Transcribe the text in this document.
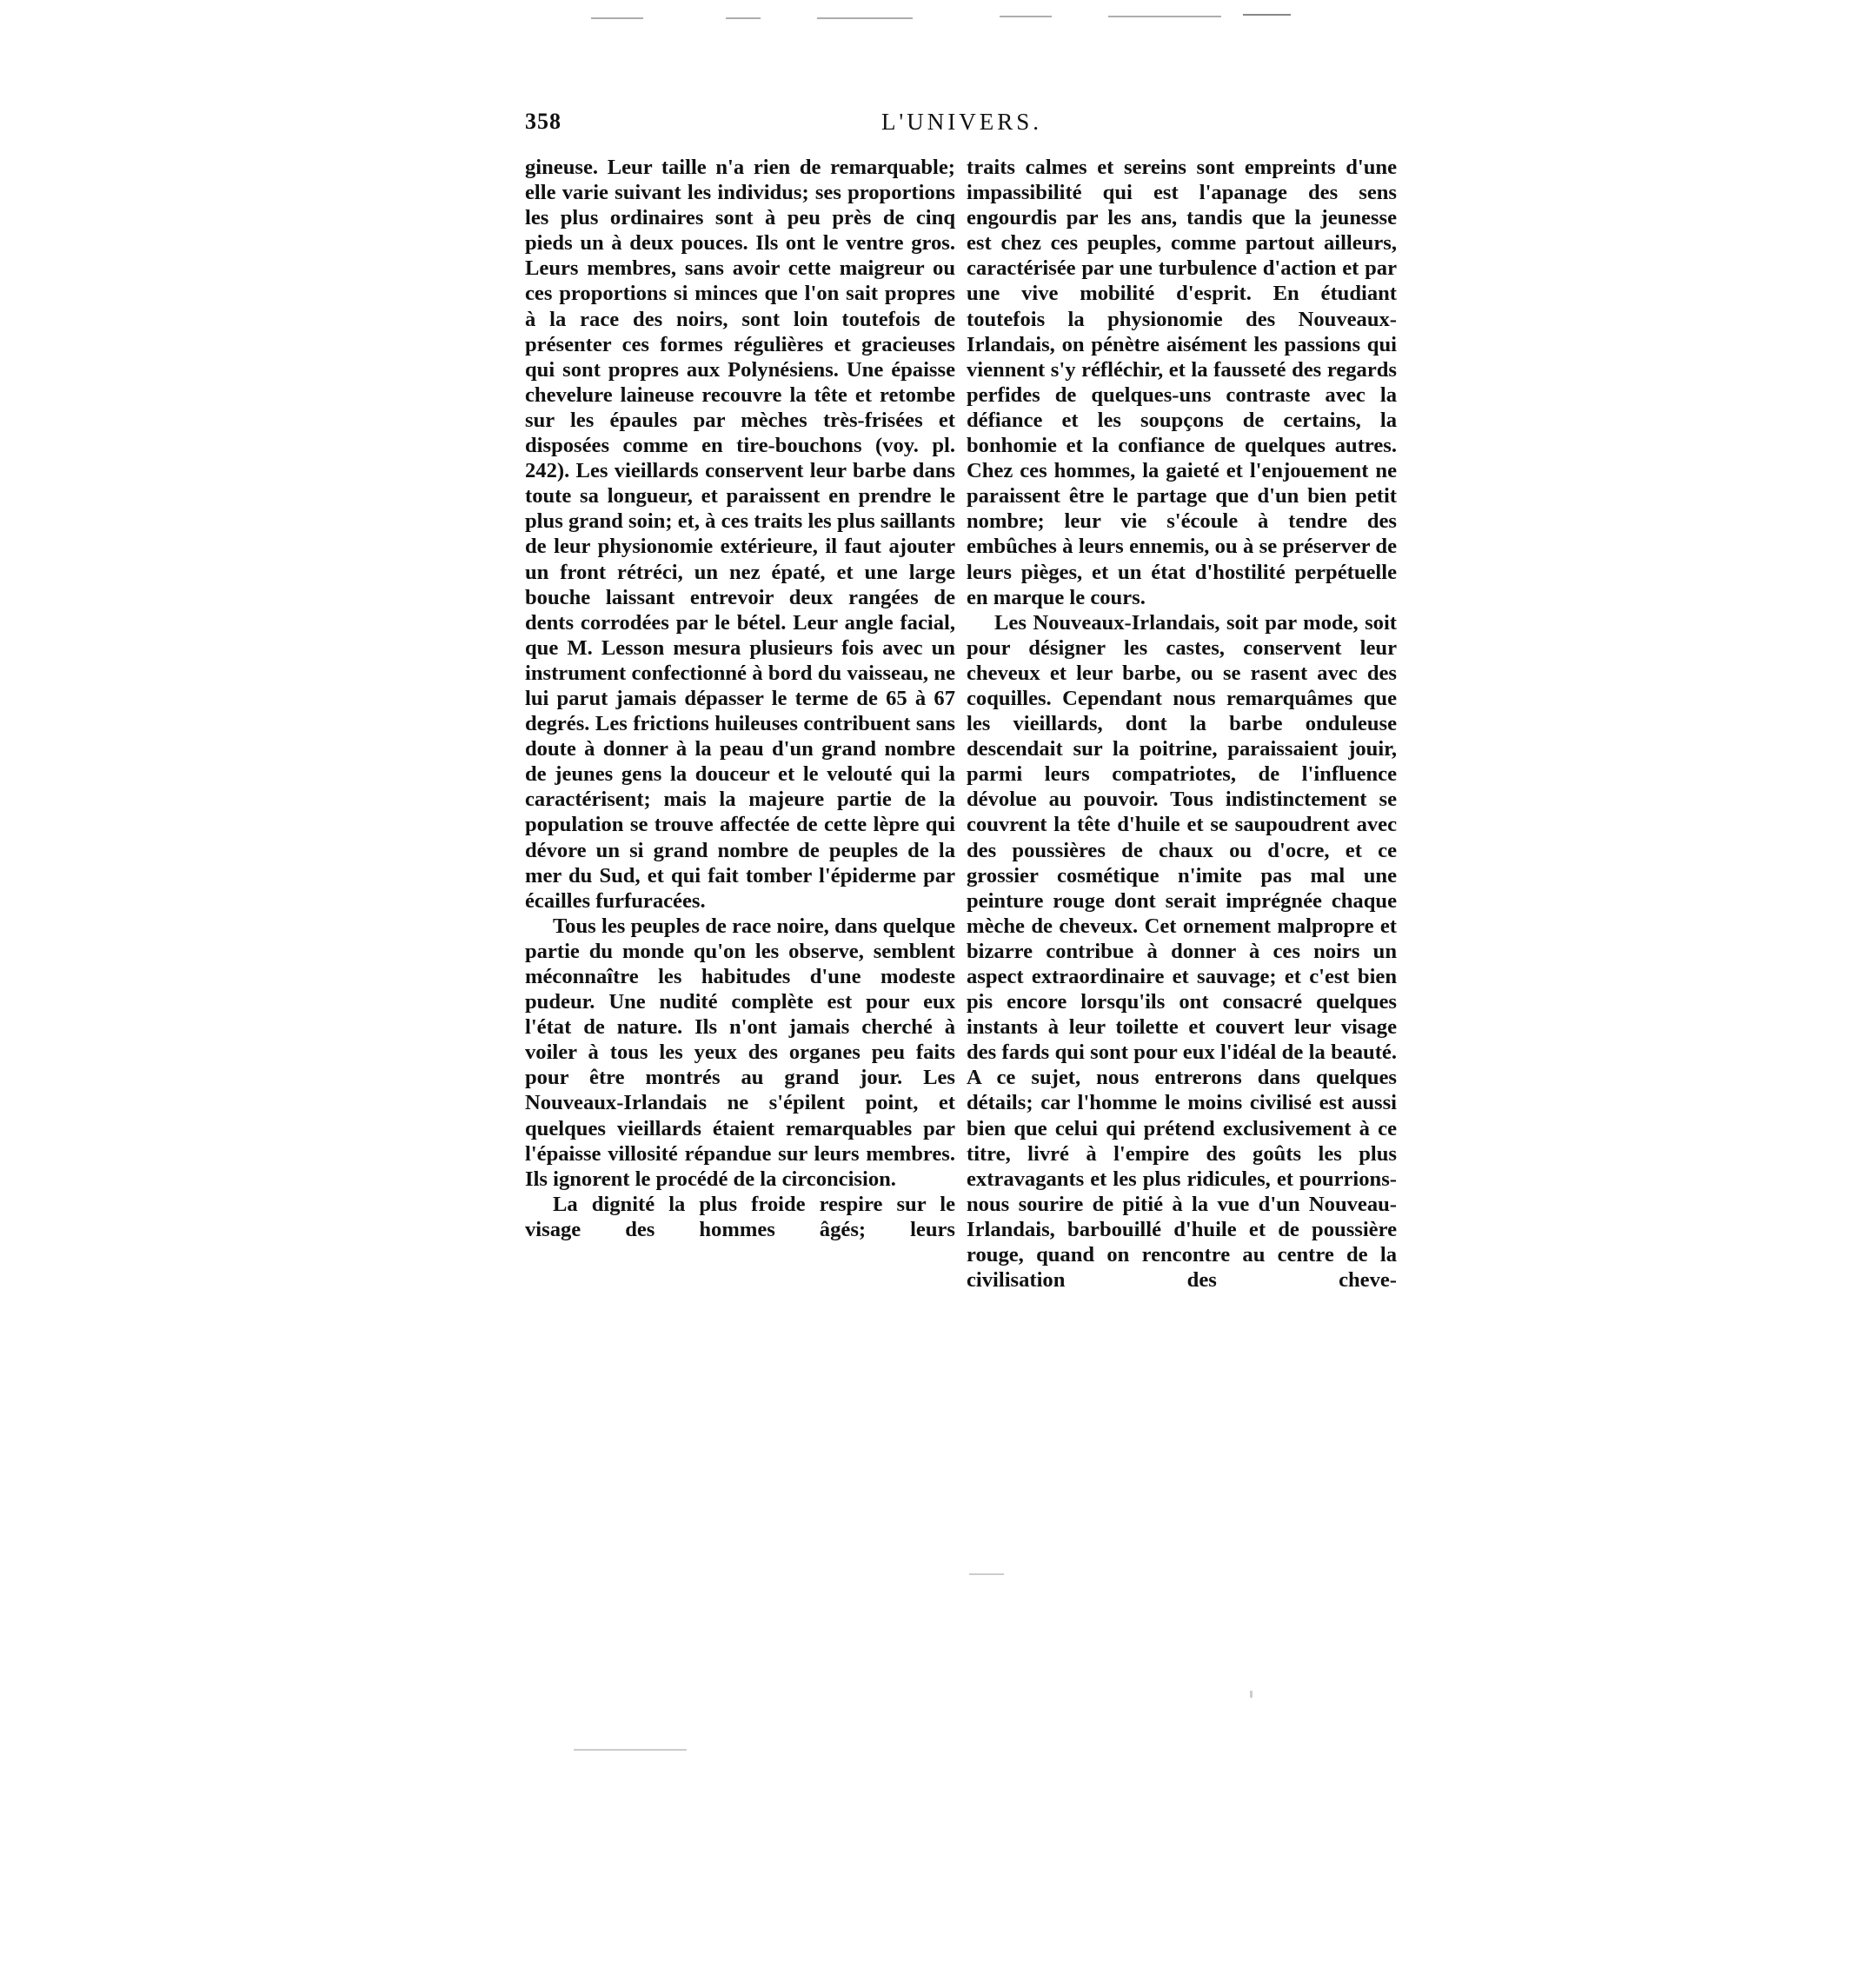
358	L'UNIVERS.

gineuse. Leur taille n'a rien de remarquable; elle varie suivant les individus; ses proportions les plus ordinaires sont à peu près de cinq pieds un à deux pouces. Ils ont le ventre gros. Leurs membres, sans avoir cette maigreur ou ces proportions si minces que l'on sait propres à la race des noirs, sont loin toutefois de présenter ces formes régulières et gracieuses qui sont propres aux Polynésiens. Une épaisse chevelure laineuse recouvre la tête et retombe sur les épaules par mèches très-frisées et disposées comme en tire-bouchons (voy. pl. 242). Les vieillards conservent leur barbe dans toute sa longueur, et paraissent en prendre le plus grand soin; et, à ces traits les plus saillants de leur physionomie extérieure, il faut ajouter un front rétréci, un nez épaté, et une large bouche laissant entrevoir deux rangées de dents corrodées par le bétel. Leur angle facial, que M. Lesson mesura plusieurs fois avec un instrument confectionné à bord du vaisseau, ne lui parut jamais dépasser le terme de 65 à 67 degrés. Les frictions huileuses contribuent sans doute à donner à la peau d'un grand nombre de jeunes gens la douceur et le velouté qui la caractérisent; mais la majeure partie de la population se trouve affectée de cette lèpre qui dévore un si grand nombre de peuples de la mer du Sud, et qui fait tomber l'épiderme par écailles furfuracées.

Tous les peuples de race noire, dans quelque partie du monde qu'on les observe, semblent méconnaître les habitudes d'une modeste pudeur. Une nudité complète est pour eux l'état de nature. Ils n'ont jamais cherché à voiler à tous les yeux des organes peu faits pour être montrés au grand jour. Les Nouveaux-Irlandais ne s'épilent point, et quelques vieillards étaient remarquables par l'épaisse villosité répandue sur leurs membres. Ils ignorent le procédé de la circoncision.

La dignité la plus froide respire sur le visage des hommes âgés; leurs

traits calmes et sereins sont empreints d'une impassibilité qui est l'apanage des sens engourdis par les ans, tandis que la jeunesse est chez ces peuples, comme partout ailleurs, caractérisée par une turbulence d'action et par une vive mobilité d'esprit. En étudiant toutefois la physionomie des Nouveaux-Irlandais, on pénètre aisément les passions qui viennent s'y réfléchir, et la fausseté des regards perfides de quelques-uns contraste avec la défiance et les soupçons de certains, la bonhomie et la confiance de quelques autres. Chez ces hommes, la gaieté et l'enjouement ne paraissent être le partage que d'un bien petit nombre; leur vie s'écoule à tendre des embûches à leurs ennemis, ou à se préserver de leurs pièges, et un état d'hostilité perpétuelle en marque le cours.

Les Nouveaux-Irlandais, soit par mode, soit pour désigner les castes, conservent leur cheveux et leur barbe, ou se rasent avec des coquilles. Cependant nous remarquâmes que les vieillards, dont la barbe onduleuse descendait sur la poitrine, paraissaient jouir, parmi leurs compatriotes, de l'influence dévolue au pouvoir. Tous indistinctement se couvrent la tête d'huile et se saupoudrent avec des poussières de chaux ou d'ocre, et ce grossier cosmétique n'imite pas mal une peinture rouge dont serait imprégnée chaque mèche de cheveux. Cet ornement malpropre et bizarre contribue à donner à ces noirs un aspect extraordinaire et sauvage; et c'est bien pis encore lorsqu'ils ont consacré quelques instants à leur toilette et couvert leur visage des fards qui sont pour eux l'idéal de la beauté. A ce sujet, nous entrerons dans quelques détails; car l'homme le moins civilisé est aussi bien que celui qui prétend exclusivement à ce titre, livré à l'empire des goûts les plus extravagants et les plus ridicules, et pourrions-nous sourire de pitié à la vue d'un Nouveau-Irlandais, barbouillé d'huile et de poussière rouge, quand on rencontre au centre de la civilisation des cheve-
